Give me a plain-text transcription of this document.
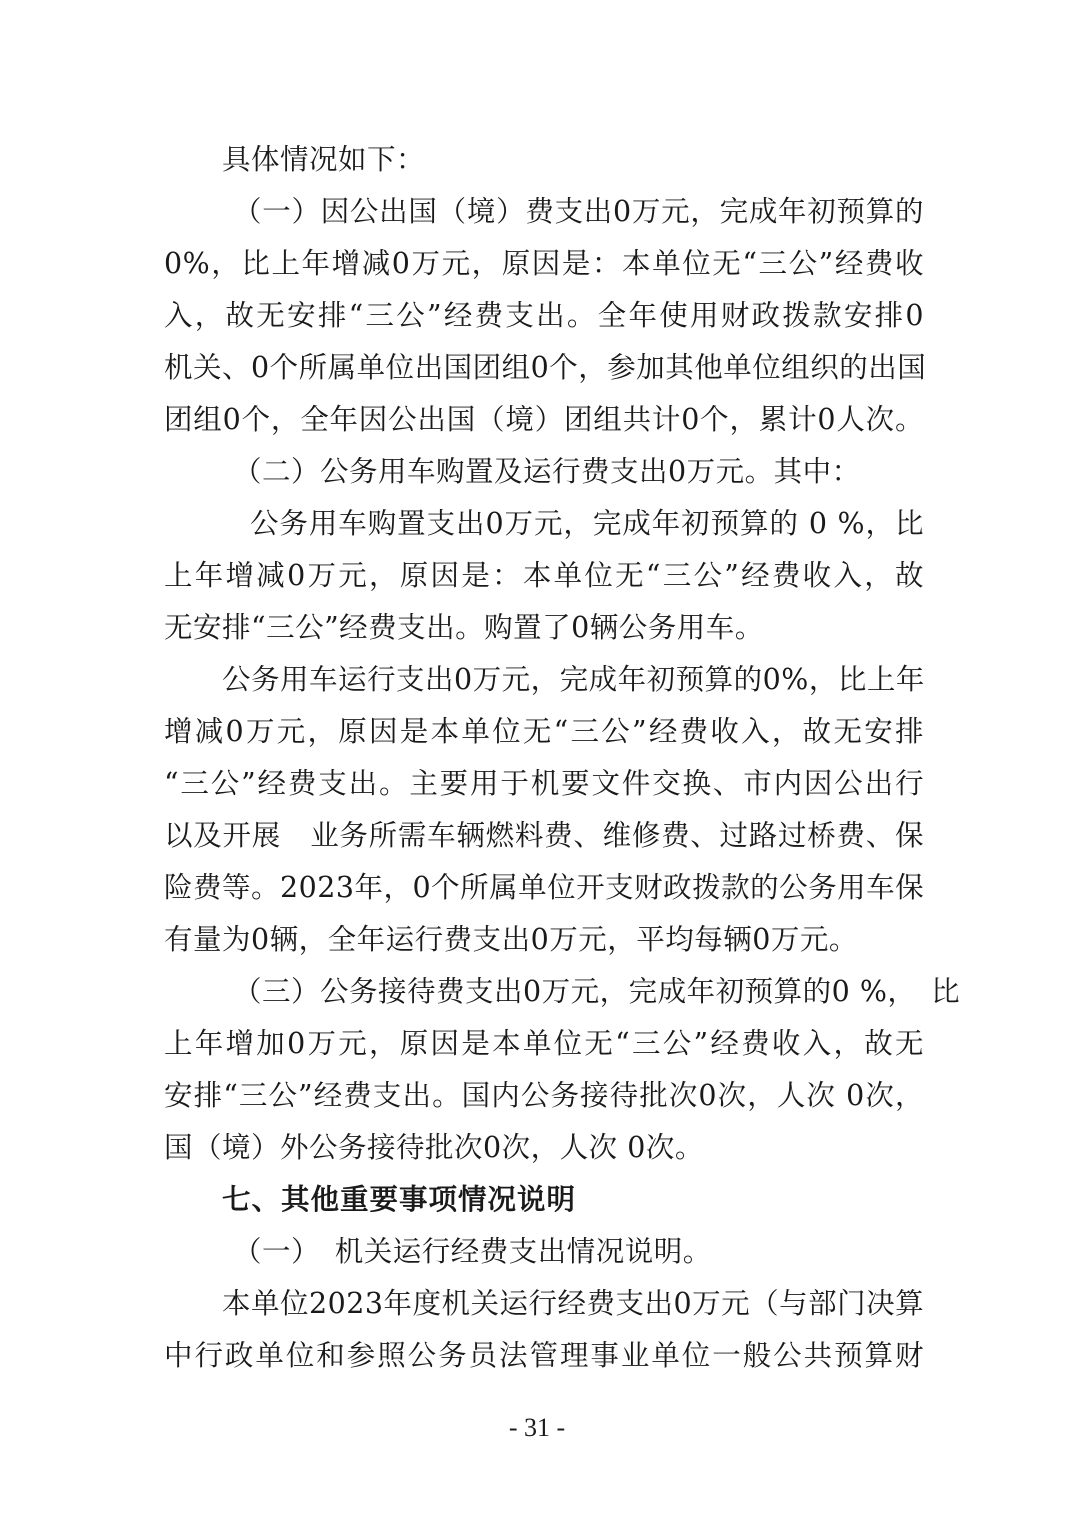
具体情况如下：
（一）因公出国（境）费支出0万元，完成年初预算的
0%，比上年增减0万元，原因是：本单位无“三公”经费收
入，故无安排“三公”经费支出。全年使用财政拨款安排0
机关、0个所属单位出国团组0个，参加其他单位组织的出国
团组0个，全年因公出国（境）团组共计0个，累计0人次。
（二）公务用车购置及运行费支出0万元。其中：
公务用车购置支出0万元，完成年初预算的 0 %，比
上年增减0万元，原因是：本单位无“三公”经费收入，故
无安排“三公”经费支出。购置了0辆公务用车。
公务用车运行支出0万元，完成年初预算的0%，比上年
增减0万元，原因是本单位无“三公”经费收入，故无安排
“三公”经费支出。主要用于机要文件交换、市内因公出行
以及开展　业务所需车辆燃料费、维修费、过路过桥费、保
险费等。2023年，0个所属单位开支财政拨款的公务用车保
有量为0辆，全年运行费支出0万元，平均每辆0万元。
（三）公务接待费支出0万元，完成年初预算的0 %，　比
上年增加0万元，原因是本单位无“三公”经费收入，故无
安排“三公”经费支出。国内公务接待批次0次，人次 0次，
国（境）外公务接待批次0次，人次 0次。
七、其他重要事项情况说明
（一）　机关运行经费支出情况说明。
本单位2023年度机关运行经费支出0万元（与部门决算
中行政单位和参照公务员法管理事业单位一般公共预算财
- 31 -
